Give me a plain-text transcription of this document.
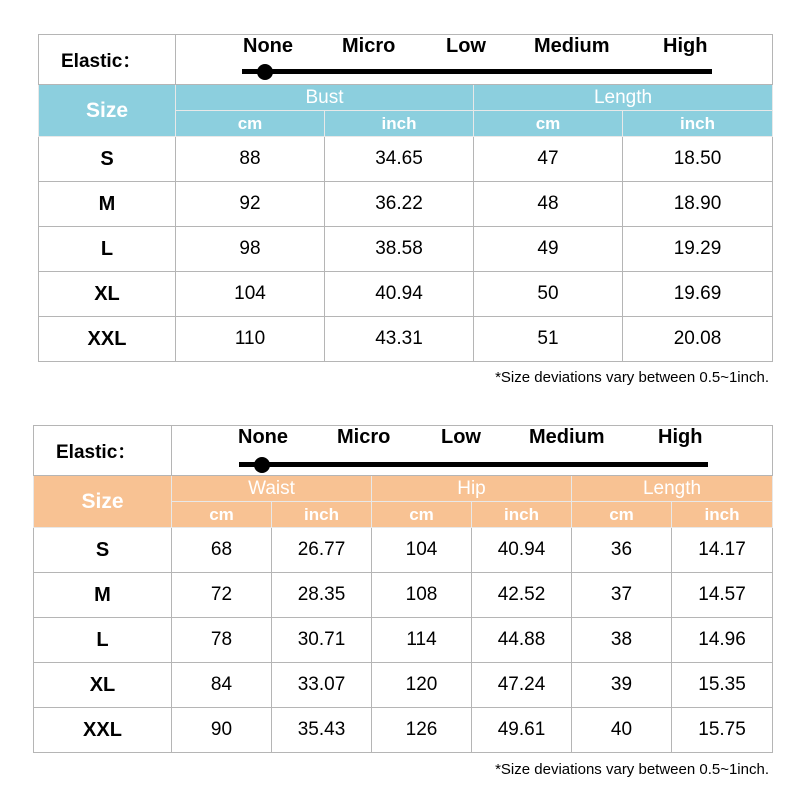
Elastic：	None Micro Low Medium High			

Size	Bust		Length	
	cm	inch	cm	inch
S	88	34.65	47	18.50
M	92	36.22	48	18.90
L	98	38.58	49	19.29
XL	104	40.94	50	19.69
XXL	110	43.31	51	20.08
*Size deviations vary between 0.5~1inch.
Elastic：	None Micro Low Medium High					

Size	Waist		Hip		Length	
	cm	inch	cm	inch	cm	inch
S	68	26.77	104	40.94	36	14.17
M	72	28.35	108	42.52	37	14.57
L	78	30.71	114	44.88	38	14.96
XL	84	33.07	120	47.24	39	15.35
XXL	90	35.43	126	49.61	40	15.75
*Size deviations vary between 0.5~1inch.
